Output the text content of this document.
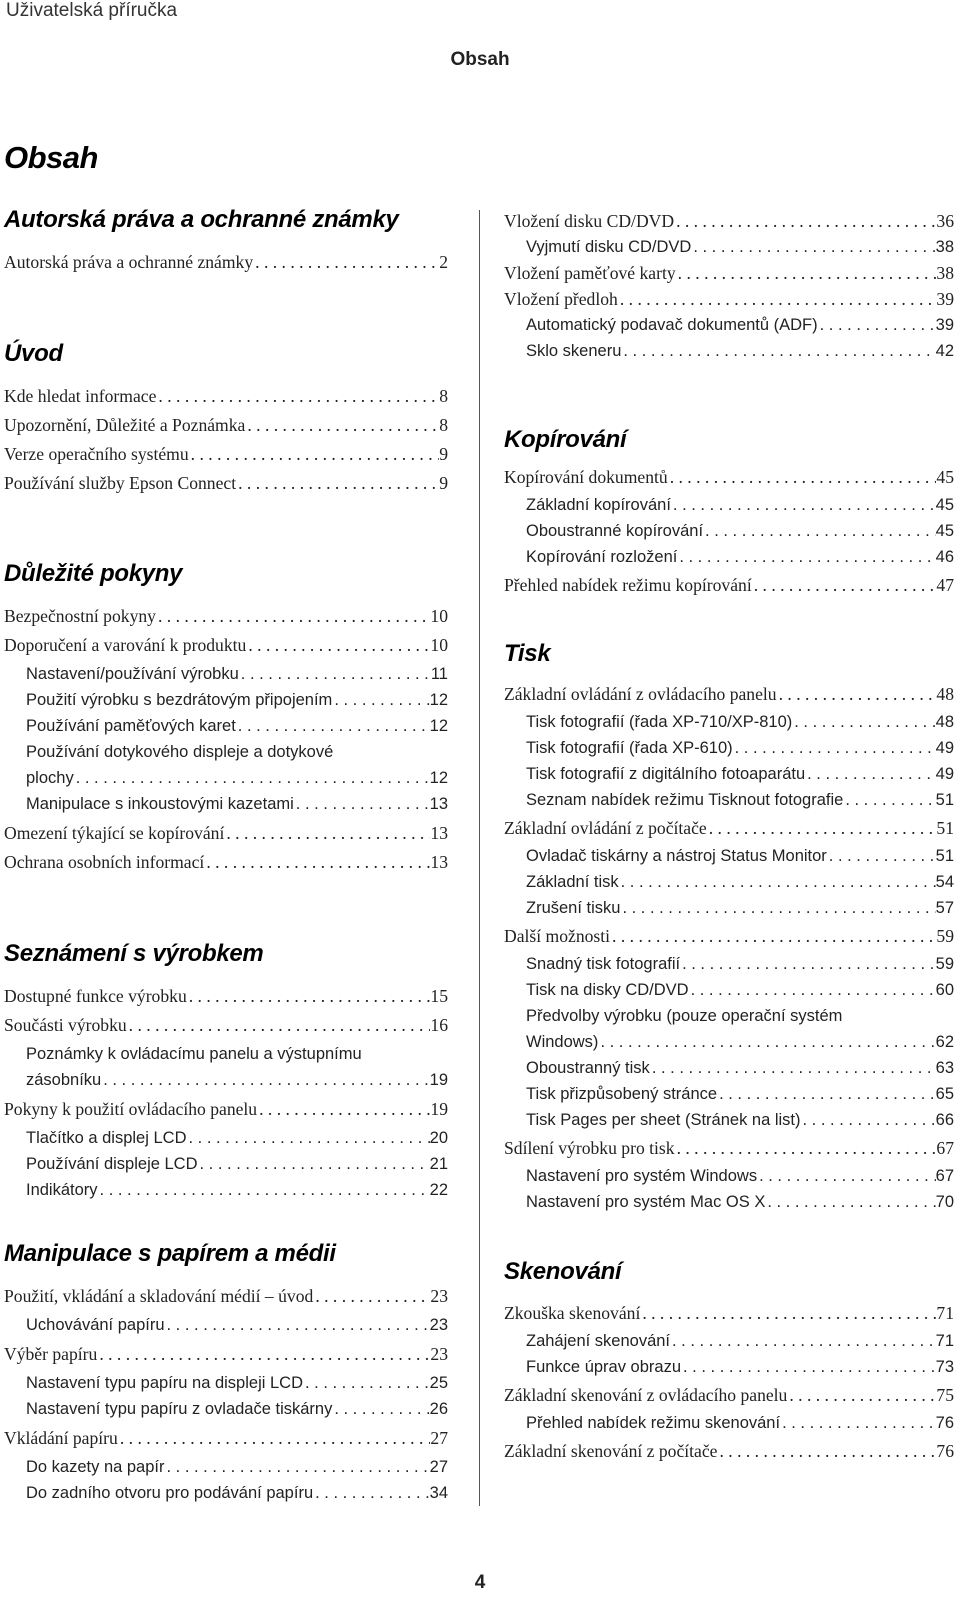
Uživatelská příručka
Obsah
Obsah
Autorská práva a ochranné známky
Autorská práva a ochranné známky . . .	2
Úvod
Kde hledat informace . . .	8
Upozornění, Důležité a Poznámka . . .	8
Verze operačního systému . . .	9
Používání služby Epson Connect . . .	9
Důležité pokyny
Bezpečnostní pokyny . . .	10
Doporučení a varování k produktu . . .	10
Nastavení/používání výrobku . . .	11
Použití výrobku s bezdrátovým připojením . . .	12
Používání paměťových karet . . .	12
Používání dotykového displeje a dotykové
plochy . . .	12
Manipulace s inkoustovými kazetami . . .	13
Omezení týkající se kopírování . . .	13
Ochrana osobních informací . . .	13
Seznámení s výrobkem
Dostupné funkce výrobku . . .	15
Součásti výrobku . . .	16
Poznámky k ovládacímu panelu a výstupnímu
zásobníku . . .	19
Pokyny k použití ovládacího panelu . . .	19
Tlačítko a displej LCD . . .	20
Používání displeje LCD . . .	21
Indikátory . . .	22
Manipulace s papírem a médii
Použití, vkládání a skladování médií – úvod . . .	23
Uchovávání papíru . . .	23
Výběr papíru . . .	23
Nastavení typu papíru na displeji LCD . . .	25
Nastavení typu papíru z ovladače tiskárny . . .	26
Vkládání papíru . . .	27
Do kazety na papír . . .	27
Do zadního otvoru pro podávání papíru . . .	34
Vložení disku CD/DVD . . .	36
Vyjmutí disku CD/DVD . . .	38
Vložení paměťové karty . . .	38
Vložení předloh . . .	39
Automatický podavač dokumentů (ADF) . . .	39
Sklo skeneru . . .	42
Kopírování
Kopírování dokumentů . . .	45
Základní kopírování . . .	45
Oboustranné kopírování . . .	45
Kopírování rozložení . . .	46
Přehled nabídek režimu kopírování . . .	47
Tisk
Základní ovládání z ovládacího panelu . . .	48
Tisk fotografií (řada XP-710/XP-810) . . .	48
Tisk fotografií (řada XP-610) . . .	49
Tisk fotografií z digitálního fotoaparátu . . .	49
Seznam nabídek režimu Tisknout fotografie . . .	51
Základní ovládání z počítače . . .	51
Ovladač tiskárny a nástroj Status Monitor . . .	51
Základní tisk . . .	54
Zrušení tisku . . .	57
Další možnosti . . .	59
Snadný tisk fotografií . . .	59
Tisk na disky CD/DVD . . .	60
Předvolby výrobku (pouze operační systém
Windows) . . .	62
Oboustranný tisk . . .	63
Tisk přizpůsobený stránce . . .	65
Tisk Pages per sheet (Stránek na list) . . .	66
Sdílení výrobku pro tisk . . .	67
Nastavení pro systém Windows . . .	67
Nastavení pro systém Mac OS X . . .	70
Skenování
Zkouška skenování . . .	71
Zahájení skenování . . .	71
Funkce úprav obrazu . . .	73
Základní skenování z ovládacího panelu . . .	75
Přehled nabídek režimu skenování . . .	76
Základní skenování z počítače . . .	76
4
